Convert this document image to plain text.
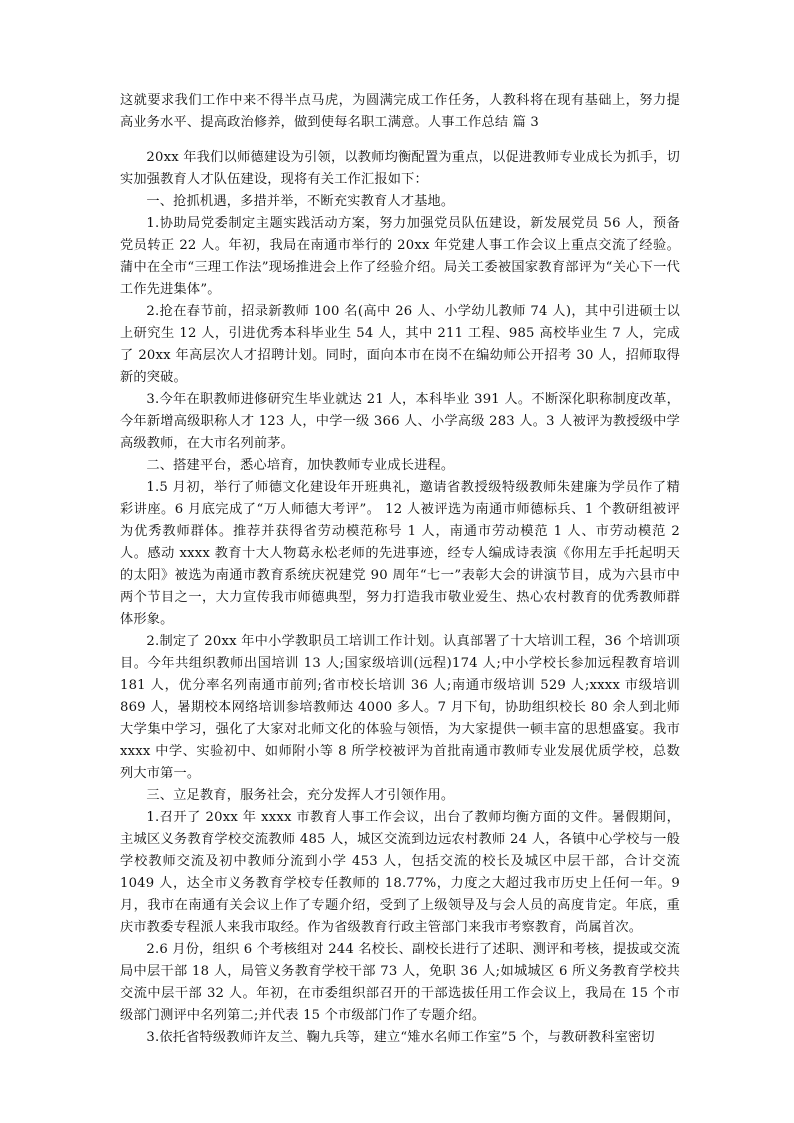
这就要求我们工作中来不得半点马虎，为圆满完成工作任务，人教科将在现有基础上，努力提高业务水平、提高政治修养，做到使每名职工满意。人事工作总结 篇 3

20xx 年我们以师德建设为引领，以教师均衡配置为重点，以促进教师专业成长为抓手，切实加强教育人才队伍建设，现将有关工作汇报如下：

一、抢抓机遇，多措并举，不断充实教育人才基地。

1.协助局党委制定主题实践活动方案，努力加强党员队伍建设，新发展党员 56 人，预备党员转正 22 人。年初，我局在南通市举行的 20xx 年党建人事工作会议上重点交流了经验。蒲中在全市“三理工作法”现场推进会上作了经验介绍。局关工委被国家教育部评为“关心下一代工作先进集体”。

2.抢在春节前，招录新教师 100 名(高中 26 人、小学幼儿教师 74 人)，其中引进硕士以上研究生 12 人，引进优秀本科毕业生 54 人，其中 211 工程、985 高校毕业生 7 人，完成了 20xx 年高层次人才招聘计划。同时，面向本市在岗不在编幼师公开招考 30 人，招师取得新的突破。

3.今年在职教师进修研究生毕业就达 21 人，本科毕业 391 人。不断深化职称制度改革，今年新增高级职称人才 123 人，中学一级 366 人、小学高级 283 人。3 人被评为教授级中学高级教师，在大市名列前茅。

二、搭建平台，悉心培育，加快教师专业成长进程。

1.5 月初，举行了师德文化建设年开班典礼，邀请省教授级特级教师朱建廉为学员作了精彩讲座。6 月底完成了“万人师德大考评”。 12 人被评选为南通市师德标兵、1 个教研组被评为优秀教师群体。推荐并获得省劳动模范称号 1 人，南通市劳动模范 1 人、市劳动模范 2 人。感动 xxxx 教育十大人物葛永松老师的先进事迹，经专人编成诗表演《你用左手托起明天的太阳》被选为南通市教育系统庆祝建党 90 周年“七一”表彰大会的讲演节目，成为六县市中两个节目之一，大力宣传我市师德典型，努力打造我市敬业爱生、热心农村教育的优秀教师群体形象。

2.制定了 20xx 年中小学教职员工培训工作计划。认真部署了十大培训工程，36 个培训项目。今年共组织教师出国培训 13 人;国家级培训(远程)174 人;中小学校长参加远程教育培训 181 人，优分率名列南通市前列;省市校长培训 36 人;南通市级培训 529 人;xxxx 市级培训 869 人，暑期校本网络培训参培教师达 4000 多人。7 月下旬，协助组织校长 80 余人到北师大学集中学习，强化了大家对北师文化的体验与领悟，为大家提供一顿丰富的思想盛宴。我市 xxxx 中学、实验初中、如师附小等 8 所学校被评为首批南通市教师专业发展优质学校，总数列大市第一。

三、立足教育，服务社会，充分发挥人才引领作用。

1.召开了 20xx 年 xxxx 市教育人事工作会议，出台了教师均衡方面的文件。暑假期间，主城区义务教育学校交流教师 485 人，城区交流到边远农村教师 24 人，各镇中心学校与一般学校教师交流及初中教师分流到小学 453 人，包括交流的校长及城区中层干部，合计交流 1049 人，达全市义务教育学校专任教师的 18.77%，力度之大超过我市历史上任何一年。9 月，我市在南通有关会议上作了专题介绍，受到了上级领导及与会人员的高度肯定。年底，重庆市教委专程派人来我市取经。作为省级教育行政主管部门来我市考察教育，尚属首次。

2.6 月份，组织 6 个考核组对 244 名校长、副校长进行了述职、测评和考核，提拔或交流局中层干部 18 人，局管义务教育学校干部 73 人，免职 36 人;如城城区 6 所义务教育学校共交流中层干部 32 人。年初，在市委组织部召开的干部选拔任用工作会议上，我局在 15 个市级部门测评中名列第二;并代表 15 个市级部门作了专题介绍。

3.依托省特级教师许友兰、鞠九兵等，建立“雉水名师工作室”5 个，与教研教科室密切
